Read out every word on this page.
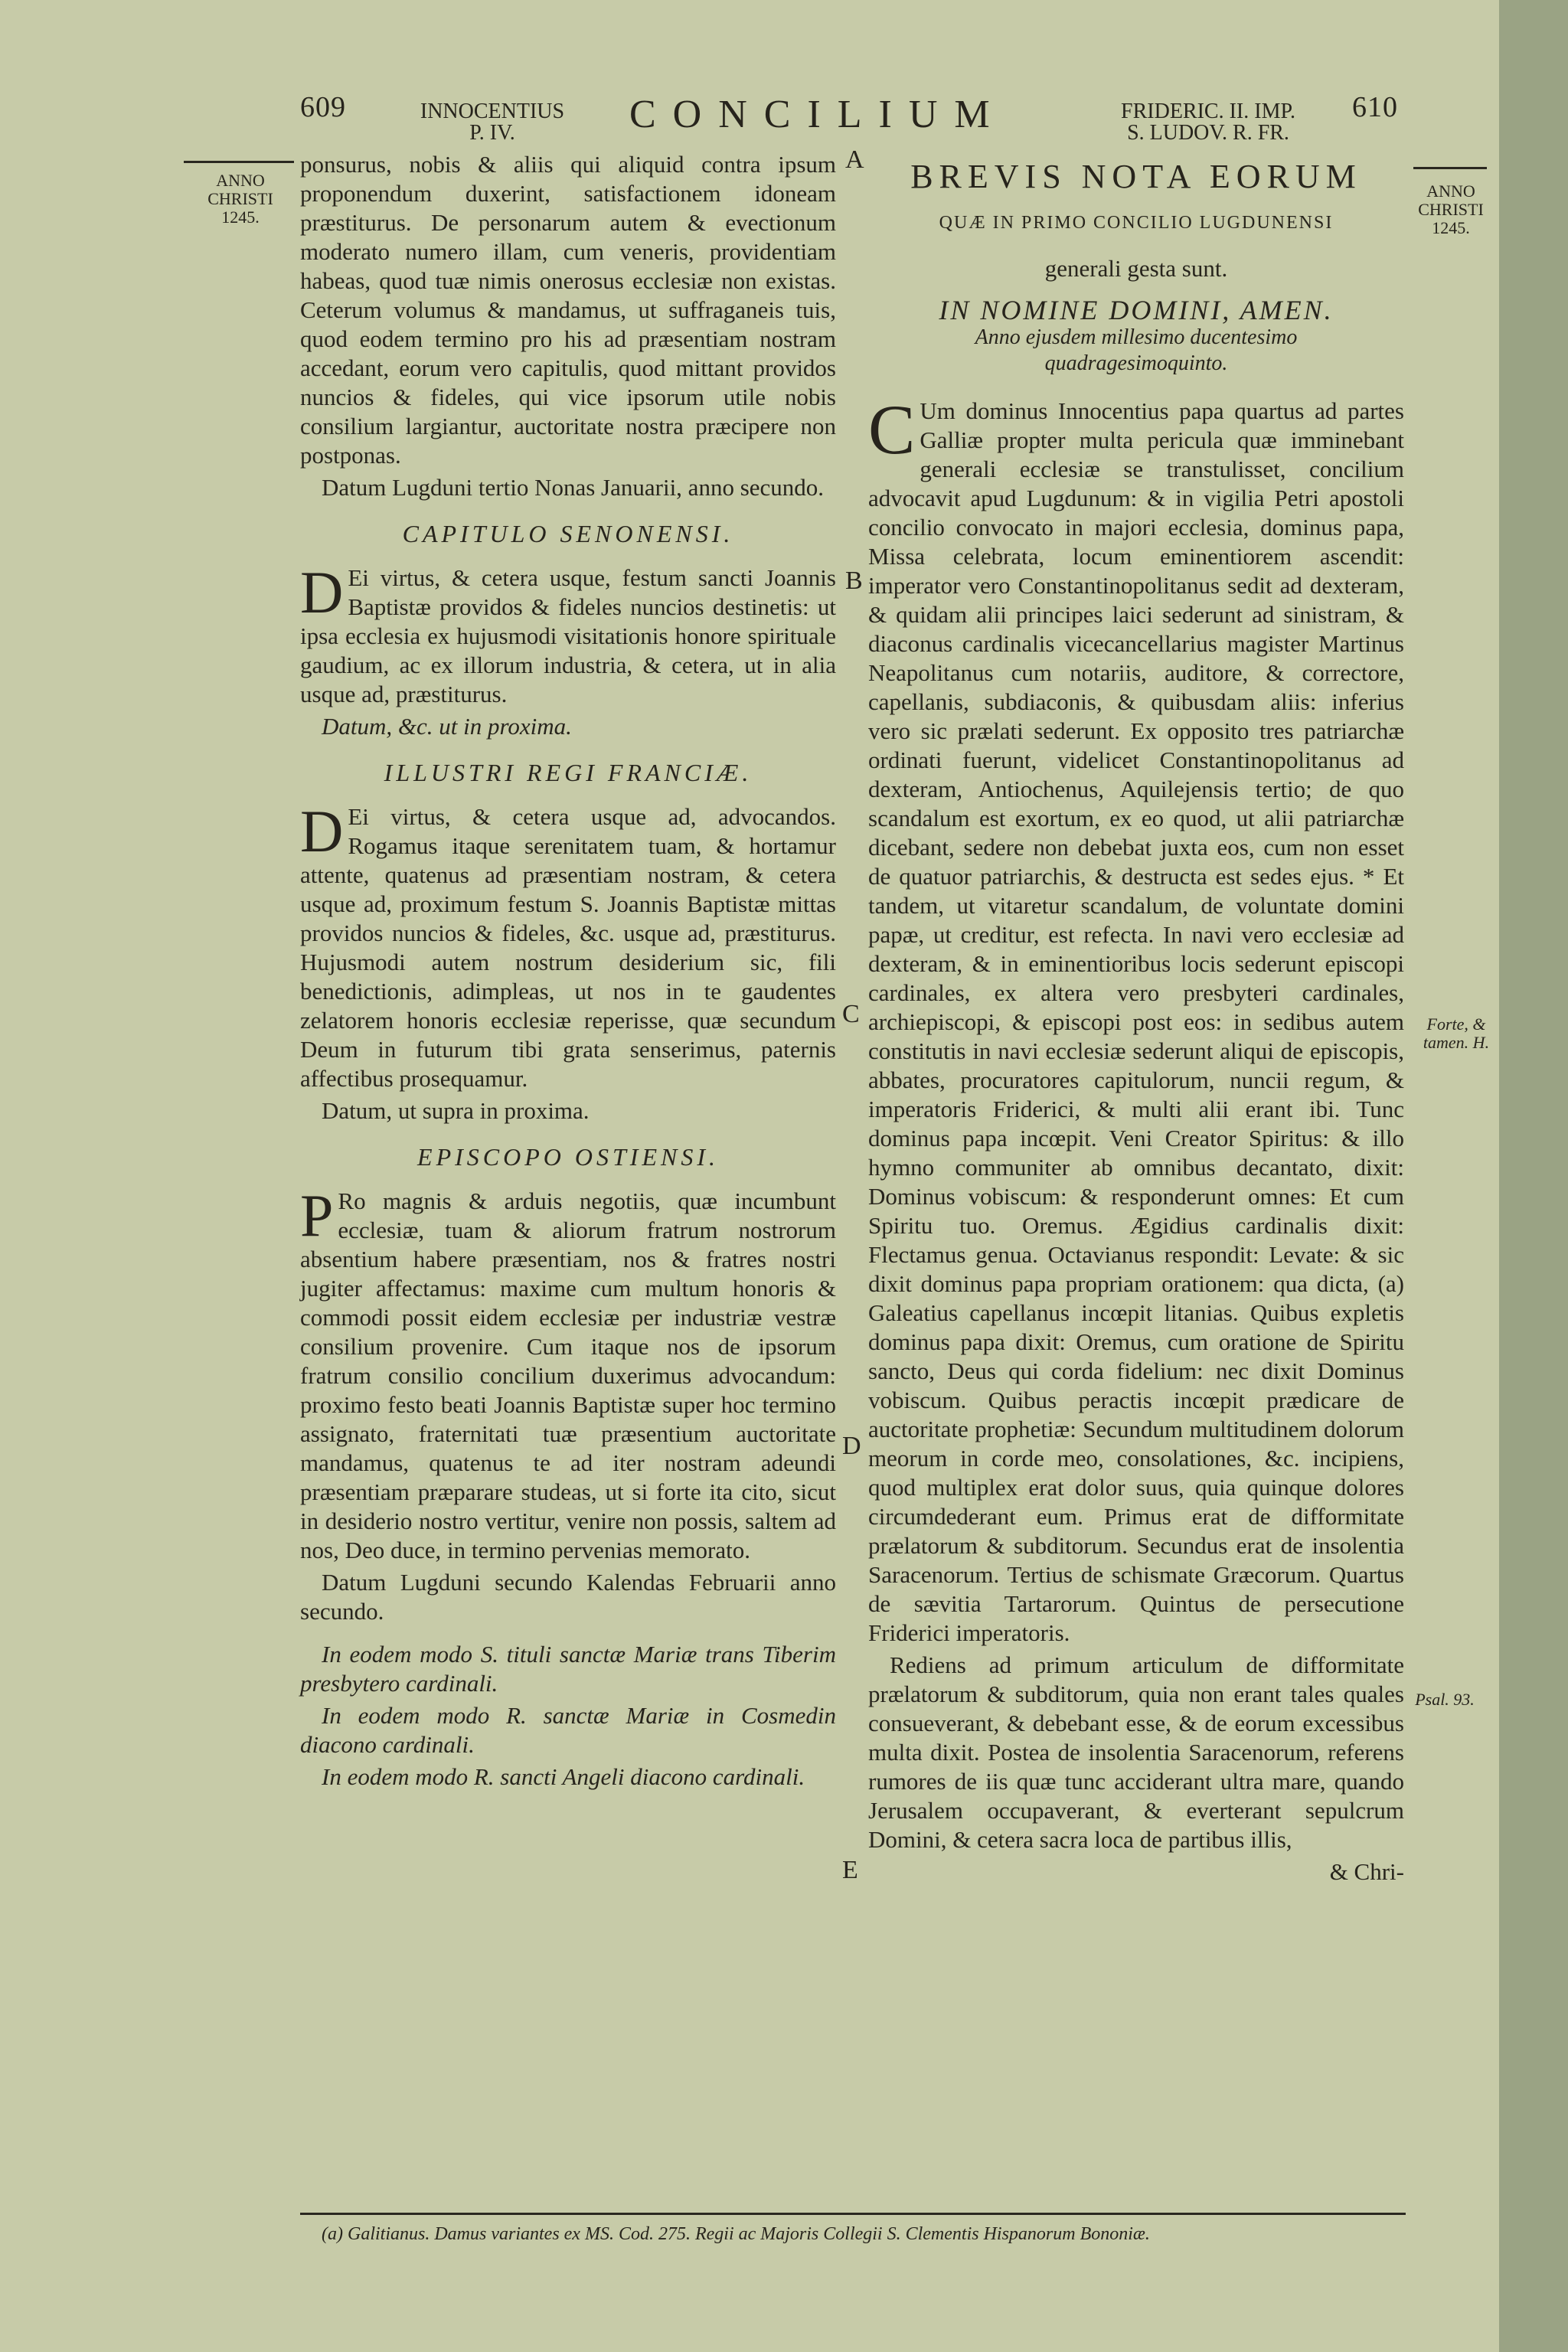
609	INNOCENTIUS
P. IV.	CONCILIUM	FRIDERIC. II. IMP.
S. LUDOV. R. FR.
610
ANNO
CHRISTI
1245.
ANNO
CHRISTI
1245.
Forte, &
tamen. H.
Psal. 93.
A
B
C
D
E

ponsurus, nobis & aliis qui aliquid contra ipsum proponendum duxerint, satisfactionem idoneam præstiturus. De personarum autem & evectionum moderato numero illam, cum veneris, providentiam habeas, quod tuæ nimis onerosus ecclesiæ non existas. Ceterum volumus & mandamus, ut suffraganeis tuis, quod eodem termino pro his ad præsentiam nostram accedant, eorum vero capitulis, quod mittant providos nuncios & fideles, qui vice ipsorum utile nobis consilium largiantur, auctoritate nostra præcipere non postponas.

Datum Lugduni tertio Nonas Januarii, anno secundo.

CAPITULO SENONENSI.

D Ei virtus, & cetera usque, festum sancti Joannis Baptistæ providos & fideles nuncios destinetis: ut ipsa ecclesia ex hujusmodi visitationis honore spirituale gaudium, ac ex illorum industria, & cetera, ut in alia usque ad, præstiturus.

Datum, &c. ut in proxima.

ILLUSTRI REGI FRANCIÆ.

D Ei virtus, & cetera usque ad, advocandos. Rogamus itaque serenitatem tuam, & hortamur attente, quatenus ad præsentiam nostram, & cetera usque ad, proximum festum S. Joannis Baptistæ mittas providos nuncios & fideles, &c. usque ad, præstiturus. Hujusmodi autem nostrum desiderium sic, fili benedictionis, adimpleas, ut nos in te gaudentes zelatorem honoris ecclesiæ reperisse, quæ secundum Deum in futurum tibi grata senserimus, paternis affectibus prosequamur.

Datum, ut supra in proxima.

EPISCOPO OSTIENSI.

P Ro magnis & arduis negotiis, quæ incumbunt ecclesiæ, tuam & aliorum fratrum nostrorum absentium habere præsentiam, nos & fratres nostri jugiter affectamus: maxime cum multum honoris & commodi possit eidem ecclesiæ per industriæ vestræ consilium provenire. Cum itaque nos de ipsorum fratrum consilio concilium duxerimus advocandum: proximo festo beati Joannis Baptistæ super hoc termino assignato, fraternitati tuæ præsentium auctoritate mandamus, quatenus te ad iter nostram adeundi præsentiam præparare studeas, ut si forte ita cito, sicut in desiderio nostro vertitur, venire non possis, saltem ad nos, Deo duce, in termino pervenias memorato.

Datum Lugduni secundo Kalendas Februarii anno secundo.

In eodem modo S. tituli sanctæ Mariæ trans Tiberim presbytero cardinali.

In eodem modo R. sanctæ Mariæ in Cosmedin diacono cardinali.

In eodem modo R. sancti Angeli diacono cardinali.

BREVIS NOTA EORUM
QUÆ IN PRIMO CONCILIO LUGDUNENSI
generali gesta sunt.
IN NOMINE DOMINI, AMEN.
Anno ejusdem millesimo ducentesimo quadragesimoquinto.

C Um dominus Innocentius papa quartus ad partes Galliæ propter multa pericula quæ imminebant generali ecclesiæ se transtulisset, concilium advocavit apud Lugdunum: & in vigilia Petri apostoli concilio convocato in majori ecclesia, dominus papa, Missa celebrata, locum eminentiorem ascendit: imperator vero Constantinopolitanus sedit ad dexteram, & quidam alii principes laici sederunt ad sinistram, & diaconus cardinalis vicecancellarius magister Martinus Neapolitanus cum notariis, auditore, & correctore, capellanis, subdiaconis, & quibusdam aliis: inferius vero sic prælati sederunt. Ex opposito tres patriarchæ ordinati fuerunt, videlicet Constantinopolitanus ad dexteram, Antiochenus, Aquilejensis tertio; de quo scandalum est exortum, ex eo quod, ut alii patriarchæ dicebant, sedere non debebat juxta eos, cum non esset de quatuor patriarchis, & destructa est sedes ejus. * Et tandem, ut vitaretur scandalum, de voluntate domini papæ, ut creditur, est refecta. In navi vero ecclesiæ ad dexteram, & in eminentioribus locis sederunt episcopi cardinales, ex altera vero presbyteri cardinales, archiepiscopi, & episcopi post eos: in sedibus autem constitutis in navi ecclesiæ sederunt aliqui de episcopis, abbates, procuratores capitulorum, nuncii regum, & imperatoris Friderici, & multi alii erant ibi. Tunc dominus papa incœpit. Veni Creator Spiritus: & illo hymno communiter ab omnibus decantato, dixit: Dominus vobiscum: & responderunt omnes: Et cum Spiritu tuo. Oremus. Ægidius cardinalis dixit: Flectamus genua. Octavianus respondit: Levate: & sic dixit dominus papa propriam orationem: qua dicta, (a) Galeatius capellanus incœpit litanias. Quibus expletis dominus papa dixit: Oremus, cum oratione de Spiritu sancto, Deus qui corda fidelium: nec dixit Dominus vobiscum. Quibus peractis incœpit prædicare de auctoritate prophetiæ: Secundum multitudinem dolorum meorum in corde meo, consolationes, &c. incipiens, quod multiplex erat dolor suus, quia quinque dolores circumdederant eum. Primus erat de difformitate prælatorum & subditorum. Secundus erat de insolentia Saracenorum. Tertius de schismate Græcorum. Quartus de sævitia Tartarorum. Quintus de persecutione Friderici imperatoris.

Rediens ad primum articulum de difformitate prælatorum & subditorum, quia non erant tales quales consueverant, & debebant esse, & de eorum excessibus multa dixit. Postea de insolentia Saracenorum, referens rumores de iis quæ tunc acciderant ultra mare, quando Jerusalem occupaverant, & everterant sepulcrum Domini, & cetera sacra loca de partibus illis,

& Chri-

(a) Galitianus. Damus variantes ex MS. Cod. 275. Regii ac Majoris Collegii S. Clementis Hispanorum Bononiæ.
